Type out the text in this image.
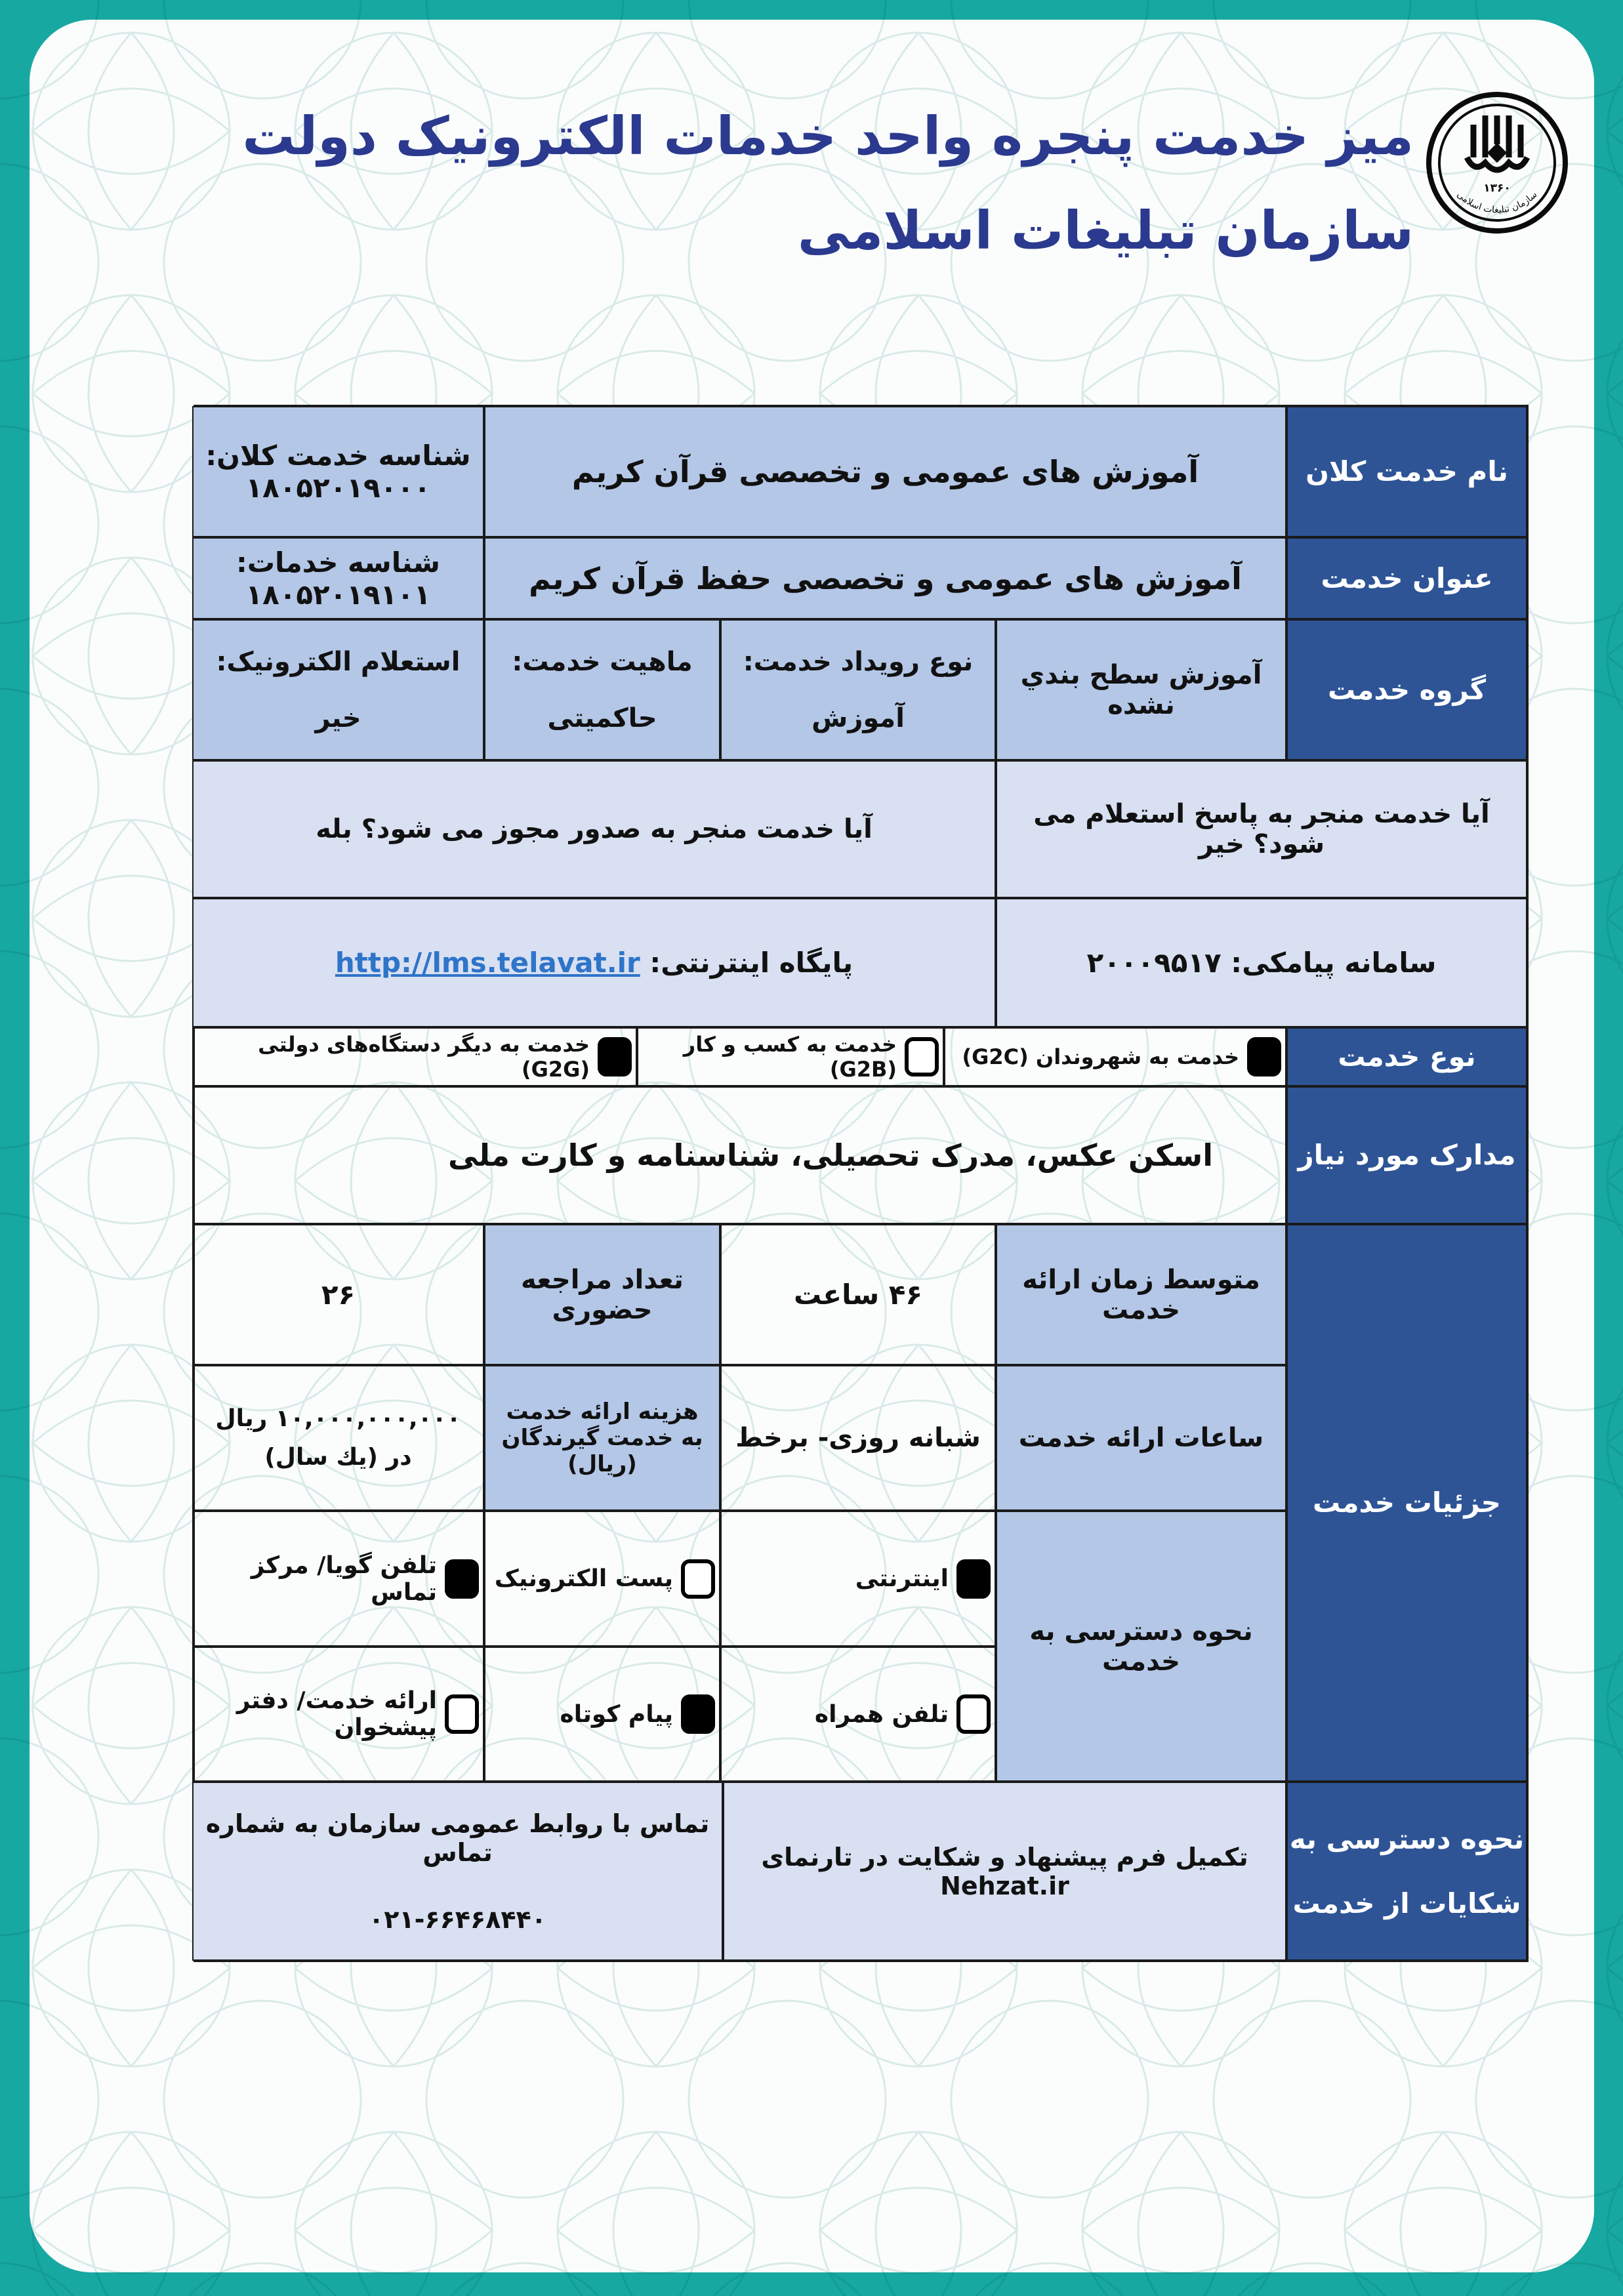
میز خدمت پنجره واحد خدمات الکترونیک دولت
سازمان تبلیغات اسلامی
۱۳۶۰
سازمان تبلیغات اسلامی
نام خدمت کلان
آموزش های عمومی و تخصصی قرآن کریم
شناسه خدمت کلان: ۱۸۰۵۲۰۱۹۰۰۰
عنوان خدمت
آموزش های عمومی و تخصصی حفظ قرآن کریم
شناسه خدمات: ۱۸۰۵۲۰۱۹۱۰۱
گروه خدمت
آموزش سطح بندي نشده
نوع رویداد خدمت:
آموزش
ماهیت خدمت:
حاکمیتی
استعلام الکترونیک:
خیر
آیا خدمت منجر به پاسخ استعلام می شود؟ خیر
آیا خدمت منجر به صدور مجوز می شود؟ بله
سامانه پیامکی: ۲۰۰۰۹۵۱۷
پایگاه اینترنتی: http://lms.telavat.ir
نوع خدمت
خدمت به شهروندان (G2C)
خدمت به کسب و کار (G2B)
خدمت به دیگر دستگاه‌های دولتی (G2G)
مدارک مورد نیاز
اسکن عکس، مدرک تحصیلی، شناسنامه و کارت ملی
جزئیات خدمت
متوسط زمان ارائه خدمت
۴۶ ساعت
تعداد مراجعه حضوری
۲۶
ساعات ارائه خدمت
شبانه روزی- برخط
هزینه ارائه خدمت به خدمت گیرندگان (ریال)
۱۰,۰۰۰,۰۰۰,۰۰۰ ریال
در (یك سال)
نحوه دسترسی به خدمت
اینترنتی
پست الکترونیک
تلفن گویا/ مرکز تماس
تلفن همراه
پیام کوتاه
ارائه خدمت/ دفتر پیشخوان
نحوه دسترسی به
شکایات از خدمت
تکمیل فرم پیشنهاد و شکایت در تارنمای Nehzat.ir
تماس با روابط عمومی سازمان به شماره تماس
۰۲۱-۶۶۴۶۸۴۴۰
